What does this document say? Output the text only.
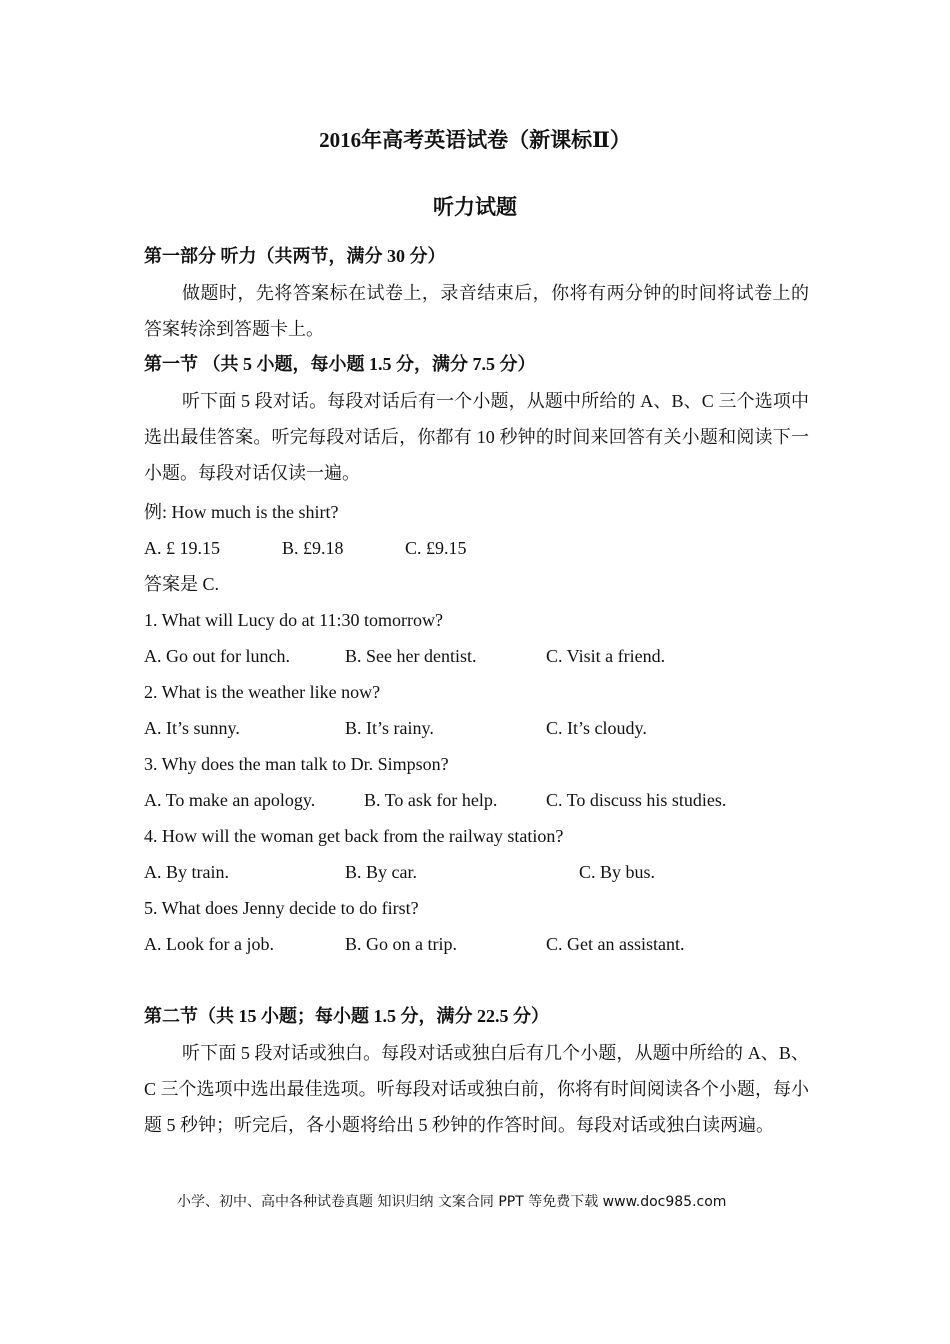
2016年高考英语试卷（新课标Ⅱ）
听力试题
第一部分 听力（共两节，满分 30 分）
做题时，先将答案标在试卷上，录音结束后，你将有两分钟的时间将试卷上的答案转涂到答题卡上。
第一节 （共 5 小题，每小题 1.5 分，满分 7.5 分）
听下面 5 段对话。每段对话后有一个小题，从题中所给的 A、B、C 三个选项中选出最佳答案。听完每段对话后，你都有 10 秒钟的时间来回答有关小题和阅读下一小题。每段对话仅读一遍。
例: How much is the shirt?
A. £ 19.15	B. £9.18	C. £9.15
答案是 C.
1. What will Lucy do at 11:30 tomorrow?
A. Go out for lunch.	B. See her dentist.	C. Visit a friend.
2. What is the weather like now?
A. It’s sunny.	B. It’s rainy.	C. It’s cloudy.
3. Why does the man talk to Dr. Simpson?
A. To make an apology.	B. To ask for help.	C. To discuss his studies.
4. How will the woman get back from the railway station?
A. By train.	B. By car.	C. By bus.
5. What does Jenny decide to do first?
A. Look for a job.	B. Go on a trip.	C. Get an assistant.
第二节（共 15 小题；每小题 1.5 分，满分 22.5 分）
听下面 5 段对话或独白。每段对话或独白后有几个小题，从题中所给的 A、B、C 三个选项中选出最佳选项。听每段对话或独白前，你将有时间阅读各个小题，每小题 5 秒钟；听完后，各小题将给出 5 秒钟的作答时间。每段对话或独白读两遍。
小学、初中、高中各种试卷真题 知识归纳 文案合同 PPT 等免费下载 www.doc985.com
